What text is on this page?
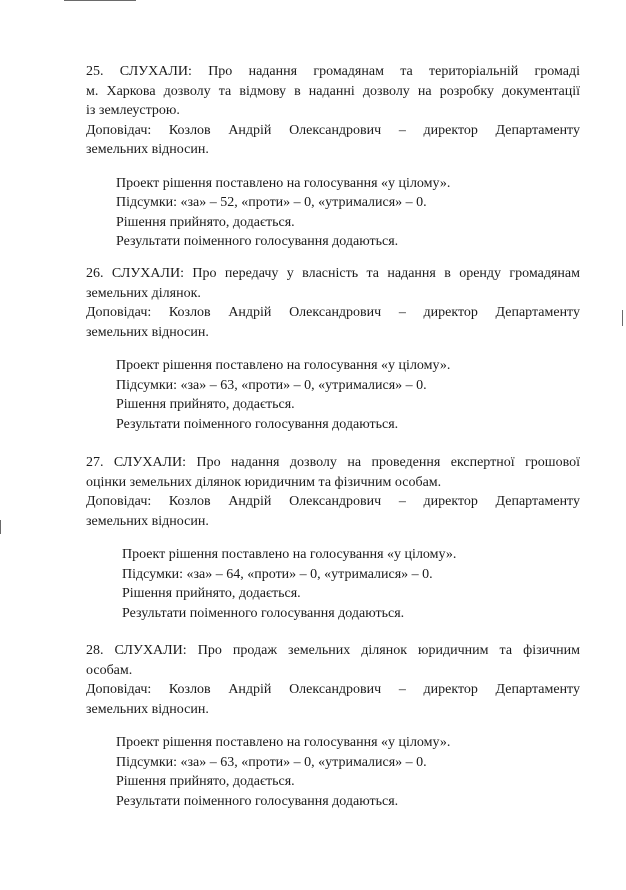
25. СЛУХАЛИ: Про надання громадянам та територіальній громаді
м. Харкова дозволу та відмову в наданні дозволу на розробку документації
із землеустрою.
Доповідач: Козлов Андрій Олександрович – директор Департаменту
земельних відносин.
Проект рішення поставлено на голосування «у цілому».
Підсумки: «за» – 52, «проти» – 0, «утрималися» – 0.
Рішення прийнято, додається.
Результати поіменного голосування додаються.
26. СЛУХАЛИ: Про передачу у власність та надання в оренду громадянам
земельних ділянок.
Доповідач: Козлов Андрій Олександрович – директор Департаменту
земельних відносин.
Проект рішення поставлено на голосування «у цілому».
Підсумки: «за» – 63, «проти» – 0, «утрималися» – 0.
Рішення прийнято, додається.
Результати поіменного голосування додаються.
27. СЛУХАЛИ: Про надання дозволу на проведення експертної грошової
оцінки земельних ділянок юридичним та фізичним особам.
Доповідач: Козлов Андрій Олександрович – директор Департаменту
земельних відносин.
Проект рішення поставлено на голосування «у цілому».
Підсумки: «за» – 64, «проти» – 0, «утрималися» – 0.
Рішення прийнято, додається.
Результати поіменного голосування додаються.
28. СЛУХАЛИ: Про продаж земельних ділянок юридичним та фізичним
особам.
Доповідач: Козлов Андрій Олександрович – директор Департаменту
земельних відносин.
Проект рішення поставлено на голосування «у цілому».
Підсумки: «за» – 63, «проти» – 0, «утрималися» – 0.
Рішення прийнято, додається.
Результати поіменного голосування додаються.
